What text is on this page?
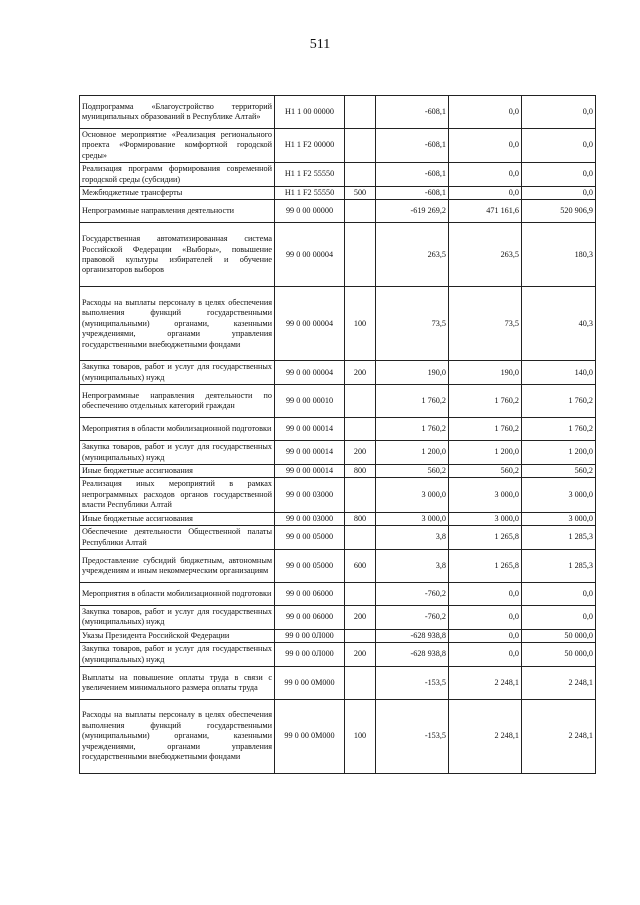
511
Подпрограмма «Благоустройство территорий муниципальных образований в Республике Алтай»	Н1 1 00 00000		-608,1	0,0	0,0
Основное мероприятие «Реализация регионального проекта «Формирование комфортной городской среды»	Н1 1 F2 00000		-608,1	0,0	0,0
Реализация программ формирования современной городской среды (субсидии)	Н1 1 F2 55550		-608,1	0,0	0,0
Межбюджетные трансферты	Н1 1 F2 55550	500	-608,1	0,0	0,0
Непрограммные направления деятельности	99 0 00 00000		-619 269,2	471 161,6	520 906,9
Государственная автоматизированная система Российской Федерации «Выборы», повышение правовой культуры избирателей и обучение организаторов выборов	99 0 00 00004		263,5	263,5	180,3
Расходы на выплаты персоналу в целях обеспечения выполнения функций государственными (муниципальными) органами, казенными учреждениями, органами управления государственными внебюджетными фондами	99 0 00 00004	100	73,5	73,5	40,3
Закупка товаров, работ и услуг для государственных (муниципальных) нужд	99 0 00 00004	200	190,0	190,0	140,0
Непрограммные направления деятельности по обеспечению отдельных категорий граждан	99 0 00 00010		1 760,2	1 760,2	1 760,2
Мероприятия в области мобилизационной подготовки	99 0 00 00014		1 760,2	1 760,2	1 760,2
Закупка товаров, работ и услуг для государственных (муниципальных) нужд	99 0 00 00014	200	1 200,0	1 200,0	1 200,0
Иные бюджетные ассигнования	99 0 00 00014	800	560,2	560,2	560,2
Реализация иных мероприятий в рамках непрограммных расходов органов государственной власти Республики Алтай	99 0 00 03000		3 000,0	3 000,0	3 000,0
Иные бюджетные ассигнования	99 0 00 03000	800	3 000,0	3 000,0	3 000,0
Обеспечение деятельности Общественной палаты Республики Алтай	99 0 00 05000		3,8	1 265,8	1 285,3
Предоставление субсидий бюджетным, автономным учреждениям и иным некоммерческим организациям	99 0 00 05000	600	3,8	1 265,8	1 285,3
Мероприятия в области мобилизационной подготовки	99 0 00 06000		-760,2	0,0	0,0
Закупка товаров, работ и услуг для государственных (муниципальных) нужд	99 0 00 06000	200	-760,2	0,0	0,0
Указы Президента Российской Федерации	99 0 00 0Л000		-628 938,8	0,0	50 000,0
Закупка товаров, работ и услуг для государственных (муниципальных) нужд	99 0 00 0Л000	200	-628 938,8	0,0	50 000,0
Выплаты на повышение оплаты труда в связи с увеличением минимального размера оплаты труда	99 0 00 0М000		-153,5	2 248,1	2 248,1
Расходы на выплаты персоналу в целях обеспечения выполнения функций государственными (муниципальными) органами, казенными учреждениями, органами управления государственными внебюджетными фондами	99 0 00 0М000	100	-153,5	2 248,1	2 248,1
